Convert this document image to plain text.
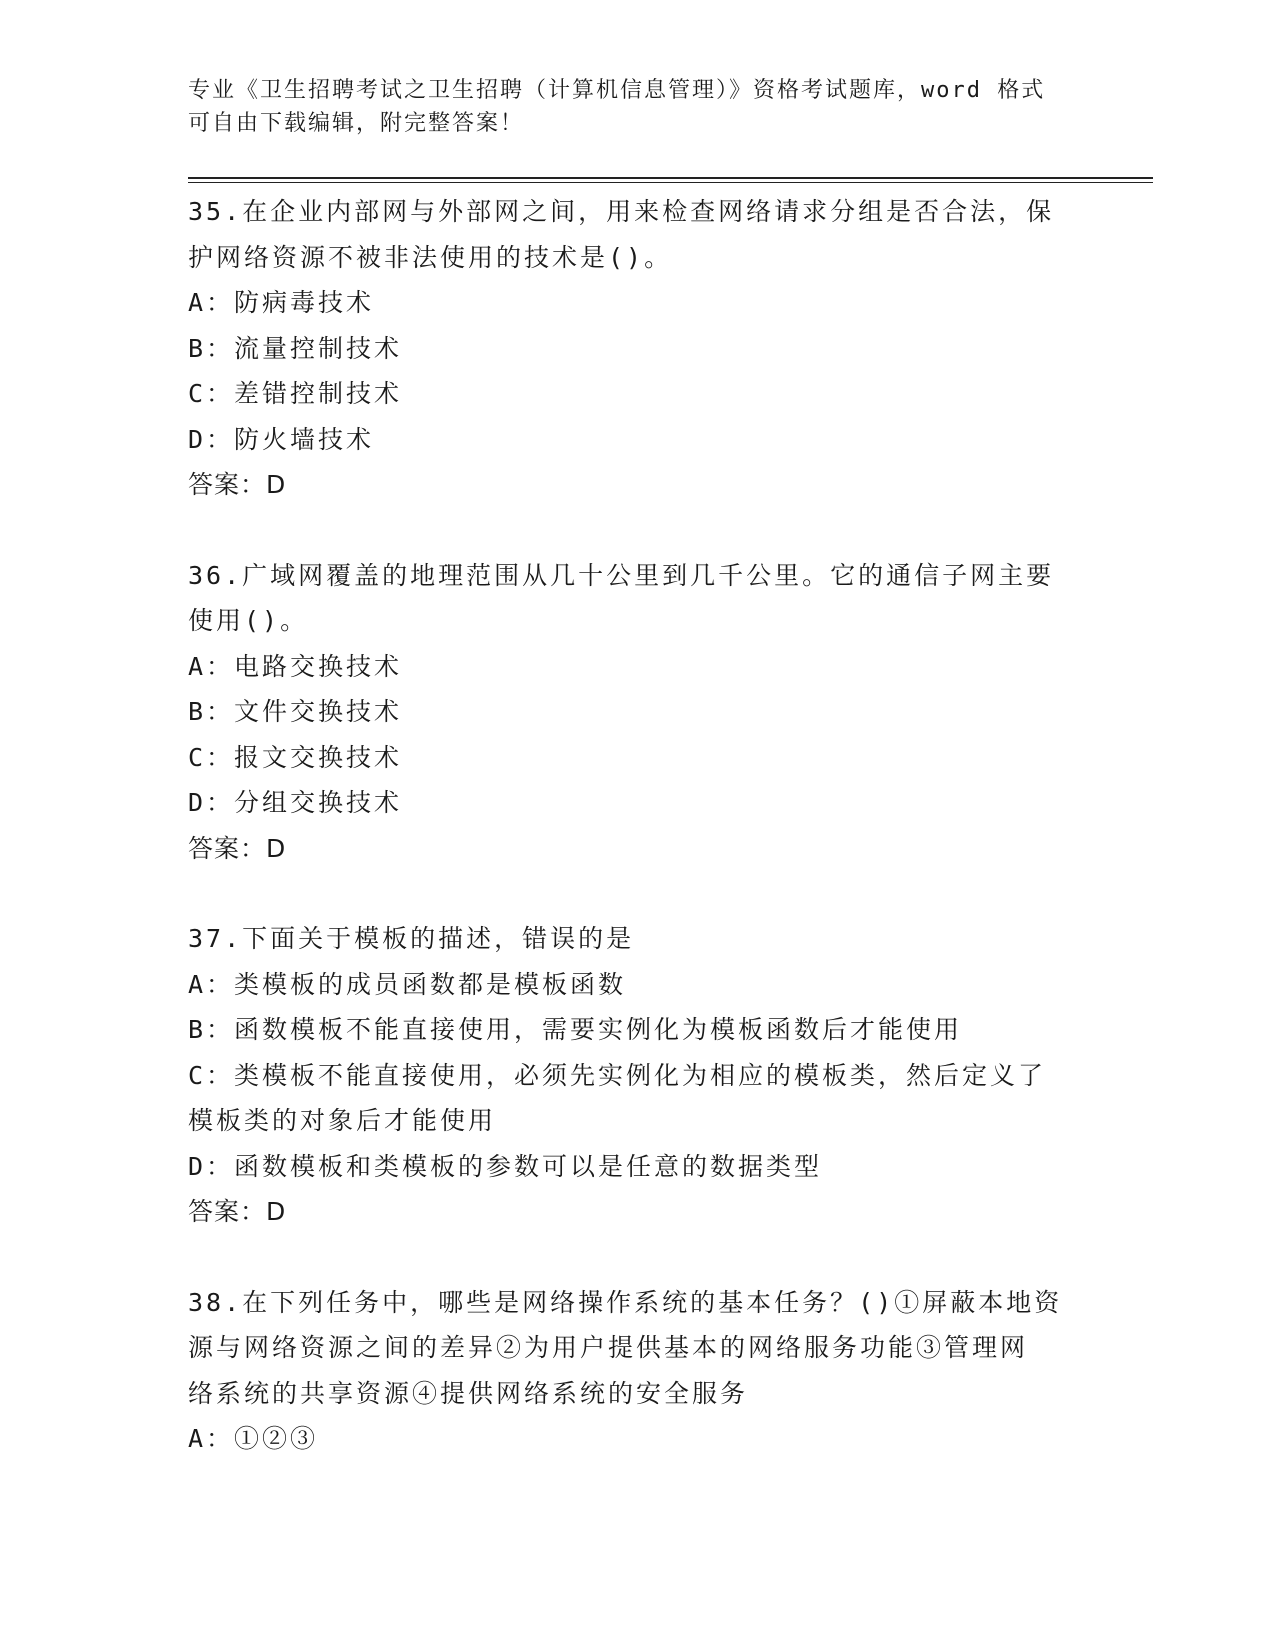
专业《卫生招聘考试之卫生招聘（计算机信息管理）》资格考试题库，word 格式
可自由下载编辑，附完整答案！
35.在企业内部网与外部网之间，用来检查网络请求分组是否合法，保
护网络资源不被非法使用的技术是()。
A：防病毒技术
B：流量控制技术
C：差错控制技术
D：防火墙技术
答案：D
36.广域网覆盖的地理范围从几十公里到几千公里。它的通信子网主要
使用()。
A：电路交换技术
B：文件交换技术
C：报文交换技术
D：分组交换技术
答案：D
37.下面关于模板的描述，错误的是
A：类模板的成员函数都是模板函数
B：函数模板不能直接使用，需要实例化为模板函数后才能使用
C：类模板不能直接使用，必须先实例化为相应的模板类，然后定义了
模板类的对象后才能使用
D：函数模板和类模板的参数可以是任意的数据类型
答案：D
38.在下列任务中，哪些是网络操作系统的基本任务？()①屏蔽本地资
源与网络资源之间的差异②为用户提供基本的网络服务功能③管理网
络系统的共享资源④提供网络系统的安全服务
A：①②③
